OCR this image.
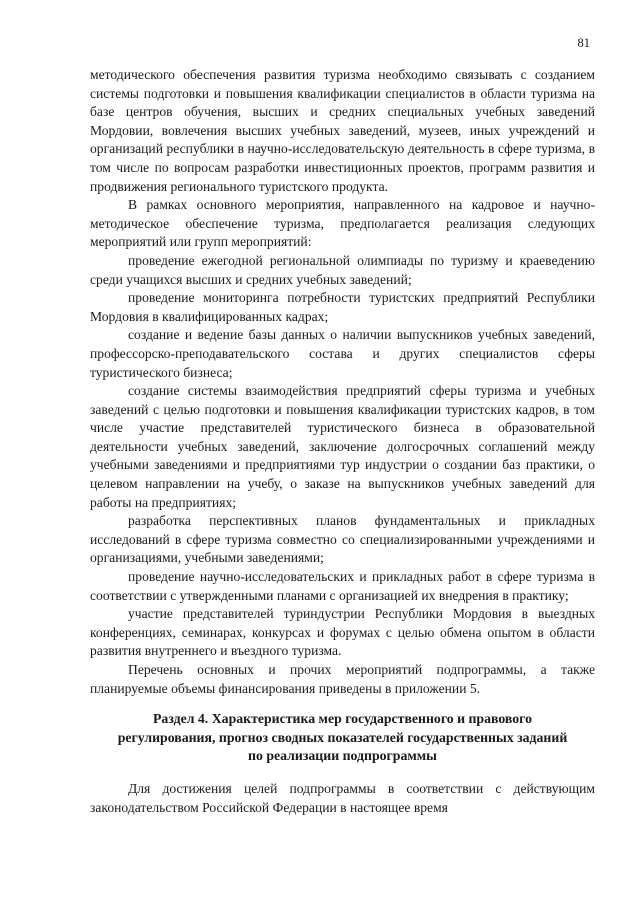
81

методического обеспечения развития туризма необходимо связывать с созданием системы подготовки и повышения квалификации специалистов в области туризма на базе центров обучения, высших и средних специальных учебных заведений Мордовии, вовлечения высших учебных заведений, музеев, иных учреждений и организаций республики в научно-исследовательскую деятельность в сфере туризма, в том числе по вопросам разработки инвестиционных проектов, программ развития и продвижения регионального туристского продукта.

В рамках основного мероприятия, направленного на кадровое и научно-методическое обеспечение туризма, предполагается реализация следующих мероприятий или групп мероприятий:

проведение ежегодной региональной олимпиады по туризму и краеведению среди учащихся высших и средних учебных заведений;

проведение мониторинга потребности туристских предприятий Республики Мордовия в квалифицированных кадрах;

создание и ведение базы данных о наличии выпускников учебных заведений, профессорско-преподавательского состава и других специалистов сферы туристического бизнеса;

создание системы взаимодействия предприятий сферы туризма и учебных заведений с целью подготовки и повышения квалификации туристских кадров, в том числе участие представителей туристического бизнеса в образовательной деятельности учебных заведений, заключение долгосрочных соглашений между учебными заведениями и предприятиями тур индустрии о создании баз практики, о целевом направлении на учебу, о заказе на выпускников учебных заведений для работы на предприятиях;

разработка перспективных планов фундаментальных и прикладных исследований в сфере туризма совместно со специализированными учреждениями и организациями, учебными заведениями;

проведение научно-исследовательских и прикладных работ в сфере туризма в соответствии с утвержденными планами с организацией их внедрения в практику;

участие представителей туриндустрии Республики Мордовия в выездных конференциях, семинарах, конкурсах и форумах с целью обмена опытом в области развития внутреннего и въездного туризма.

Перечень основных и прочих мероприятий подпрограммы, а также планируемые объемы финансирования приведены в приложении 5.

Раздел 4. Характеристика мер государственного и правового
регулирования, прогноз сводных показателей государственных заданий
по реализации подпрограммы

Для достижения целей подпрограммы в соответствии с действующим законодательством Российской Федерации в настоящее время
